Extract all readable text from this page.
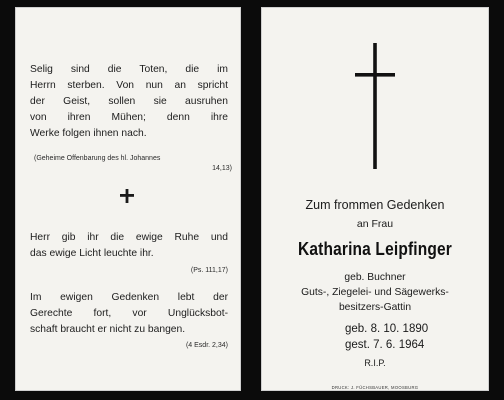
Selig sind die Toten, die im
Herrn sterben. Von nun an spricht
der Geist, sollen sie ausruhen
von ihren Mühen; denn ihre
Werke folgen ihnen nach.

(Geheime Offenbarung des hl. Johannes
14,13)

Herr gib ihr die ewige Ruhe und
das ewige Licht leuchte ihr.

(Ps. 111,17)

Im ewigen Gedenken lebt der
Gerechte fort, vor Unglücksbot-
schaft braucht er nicht zu bangen.

(4 Esdr. 2,34)

Zum frommen Gedenken

an Frau

Katharina Leipfinger

geb. Buchner

Guts-, Ziegelei- und Sägewerks-

besitzers-Gattin

geb. 8. 10. 1890
gest. 7. 6. 1964

R.I.P.

DRUCK: J. FÜCHSBAUER, MOOSBURG
